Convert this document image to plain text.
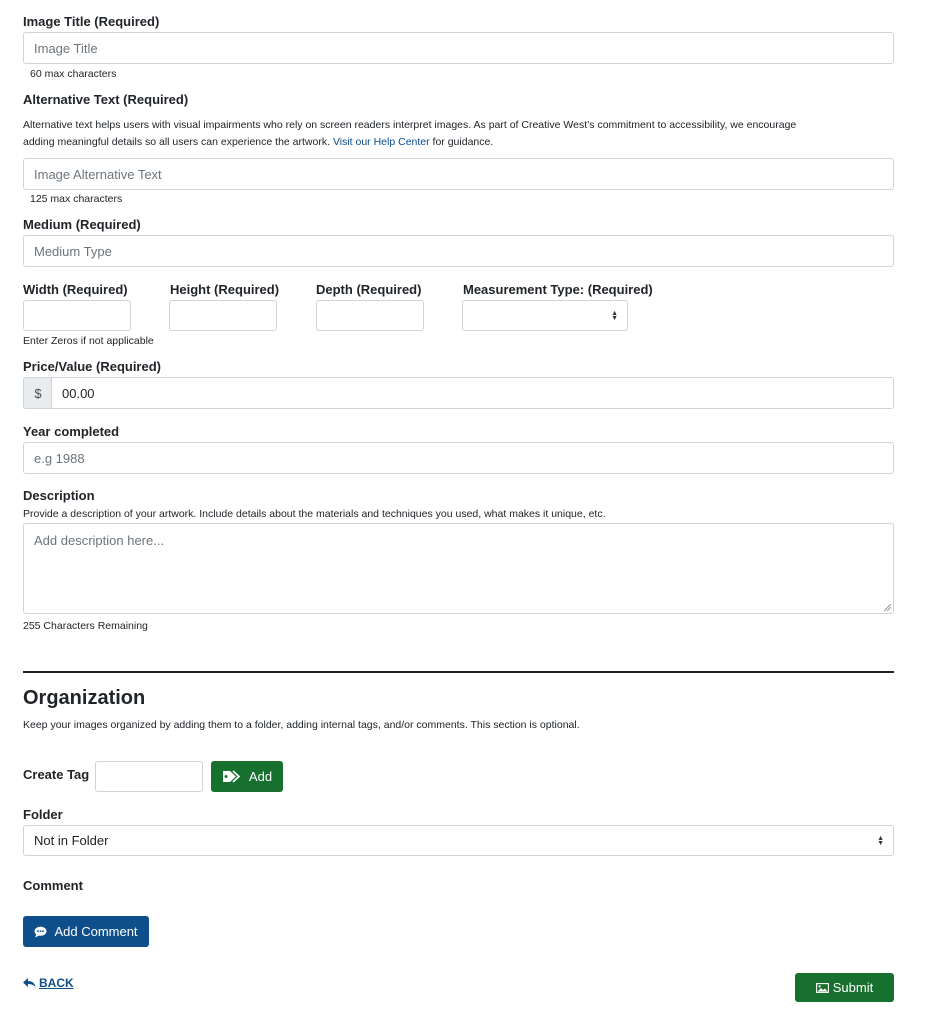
Image Title (Required)
Image Title
60 max characters
Alternative Text (Required)
Alternative text helps users with visual impairments who rely on screen readers interpret images. As part of Creative West’s commitment to accessibility, we encourage
adding meaningful details so all users can experience the artwork. Visit our Help Center for guidance.
Image Alternative Text
125 max characters
Medium (Required)
Medium Type
Width (Required)	Height (Required)	Depth (Required)	Measurement Type: (Required)
▲
▼
Enter Zeros if not applicable
Price/Value (Required)
$	00.00
Year completed
e.g 1988
Description
Provide a description of your artwork. Include details about the materials and techniques you used, what makes it unique, etc.
Add description here...
255 Characters Remaining
Organization
Keep your images organized by adding them to a folder, adding internal tags, and/or comments. This section is optional.
Create Tag	Add
Folder
Not in Folder	▲
▼
Comment
Add Comment
BACK	Submit
